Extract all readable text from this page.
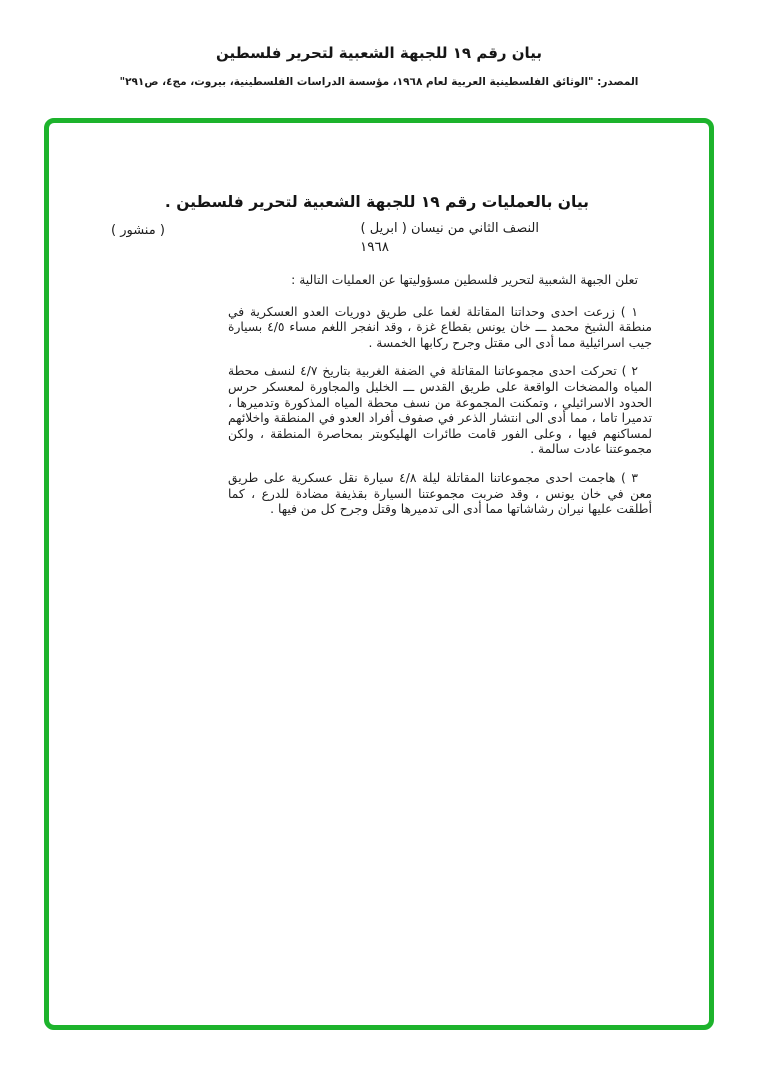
بيان رقم ١٩ للجبهة الشعبية لتحرير فلسطين
المصدر: "الوثائق الفلسطينية العربية لعام ١٩٦٨، مؤسسة الدراسات الفلسطينية، بيروت، مج٤، ص٢٩١"
بيان بالعمليات رقم ١٩ للجبهة الشعبية لتحرير فلسطين .
النصف الثاني من نيسان ( ابريل )
( منشور )
١٩٦٨

تعلن الجبهة الشعبية لتحرير فلسطين مسؤوليتها عن العمليات التالية :

١ ) زرعت احدى وحداتنا المقاتلة لغما على طريق دوريات العدو العسكرية في منطقة الشيخ محمد ـــ خان يونس بقطاع غزة ، وقد انفجر اللغم مساء ٤/٥ بسيارة جيب اسرائيلية مما أدى الى مقتل وجرح ركابها الخمسة .

٢ ) تحركت احدى مجموعاتنا المقاتلة في الضفة الغربية بتاريخ ٤/٧ لنسف محطة المياه والمضخات الواقعة على طريق القدس ـــ الخليل والمجاورة لمعسكر حرس الحدود الاسرائيلي ، وتمكنت المجموعة من نسف محطة المياه المذكورة وتدميرها ، تدميرا تاما ، مما أدى الى انتشار الذعر في صفوف أفراد العدو في المنطقة واخلائهم لمساكنهم فيها ، وعلى الفور قامت طائرات الهليكوبتر بمحاصرة المنطقة ، ولكن مجموعتنا عادت سالمة .

٣ ) هاجمت احدى مجموعاتنا المقاتلة ليلة ٤/٨ سيارة نقل عسكرية على طريق معن في خان يونس ، وقد ضربت مجموعتنا السيارة بقذيفة مضادة للدرع ، كما أطلقت عليها نيران رشاشاتها مما أدى الى تدميرها وقتل وجرح كل من فيها .
